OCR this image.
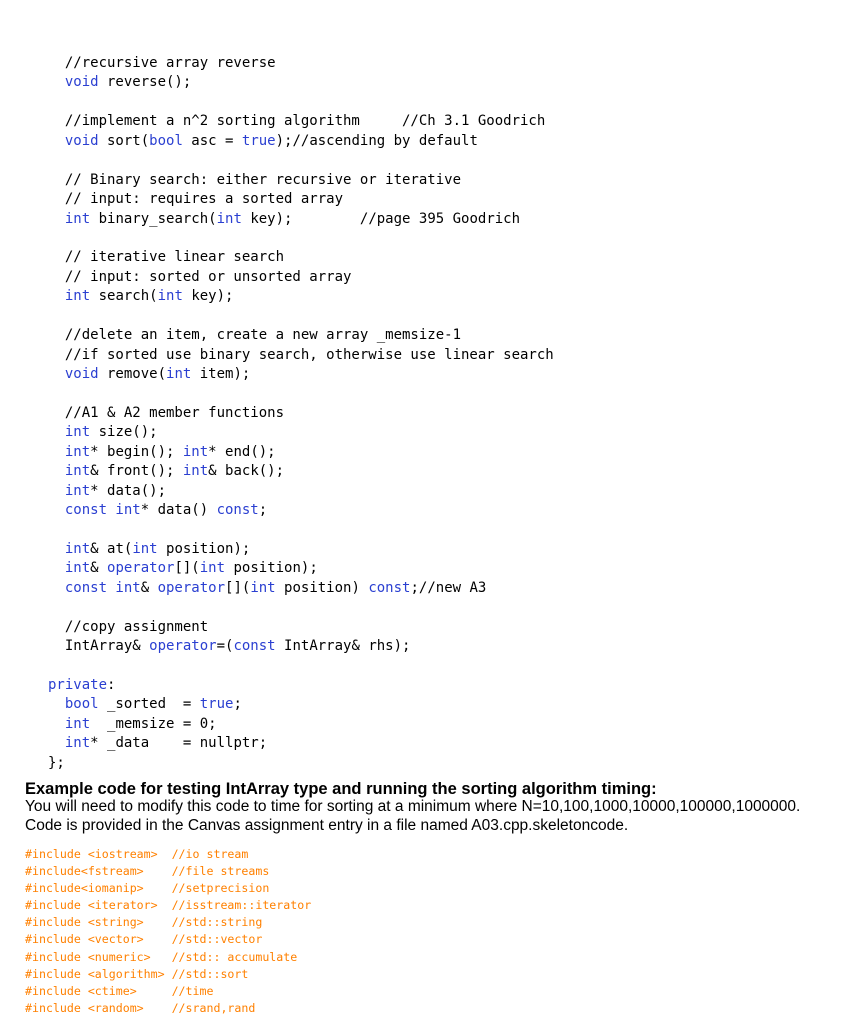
//recursive array reverse
void reverse();
//implement a n^2 sorting algorithm     //Ch 3.1 Goodrich
void sort(bool asc = true);//ascending by default
// Binary search: either recursive or iterative
// input: requires a sorted array
int binary_search(int key);        //page 395 Goodrich
// iterative linear search
// input: sorted or unsorted array
int search(int key);
//delete an item, create a new array _memsize-1
//if sorted use binary search, otherwise use linear search
void remove(int item);
//A1 & A2 member functions
int size();
int* begin(); int* end();
int& front(); int& back();
int* data();
const int* data() const;
int& at(int position);
int& operator[](int position);
const int& operator[](int position) const;//new A3
//copy assignment
IntArray& operator=(const IntArray& rhs);
private:
bool _sorted  = true;
int  _memsize = 0;
int* _data    = nullptr;
};

Example code for testing IntArray type and running the sorting algorithm timing:

You will need to modify this code to time for sorting at a minimum where N=10,100,1000,10000,100000,1000000.
Code is provided in the Canvas assignment entry in a file named A03.cpp.skeletoncode.
#include <iostream>  //io stream
#include<fstream>    //file streams
#include<iomanip>    //setprecision
#include <iterator>  //isstream::iterator
#include <string>    //std::string
#include <vector>    //std::vector
#include <numeric>   //std:: accumulate
#include <algorithm> //std::sort
#include <ctime>     //time
#include <random>    //srand,rand
